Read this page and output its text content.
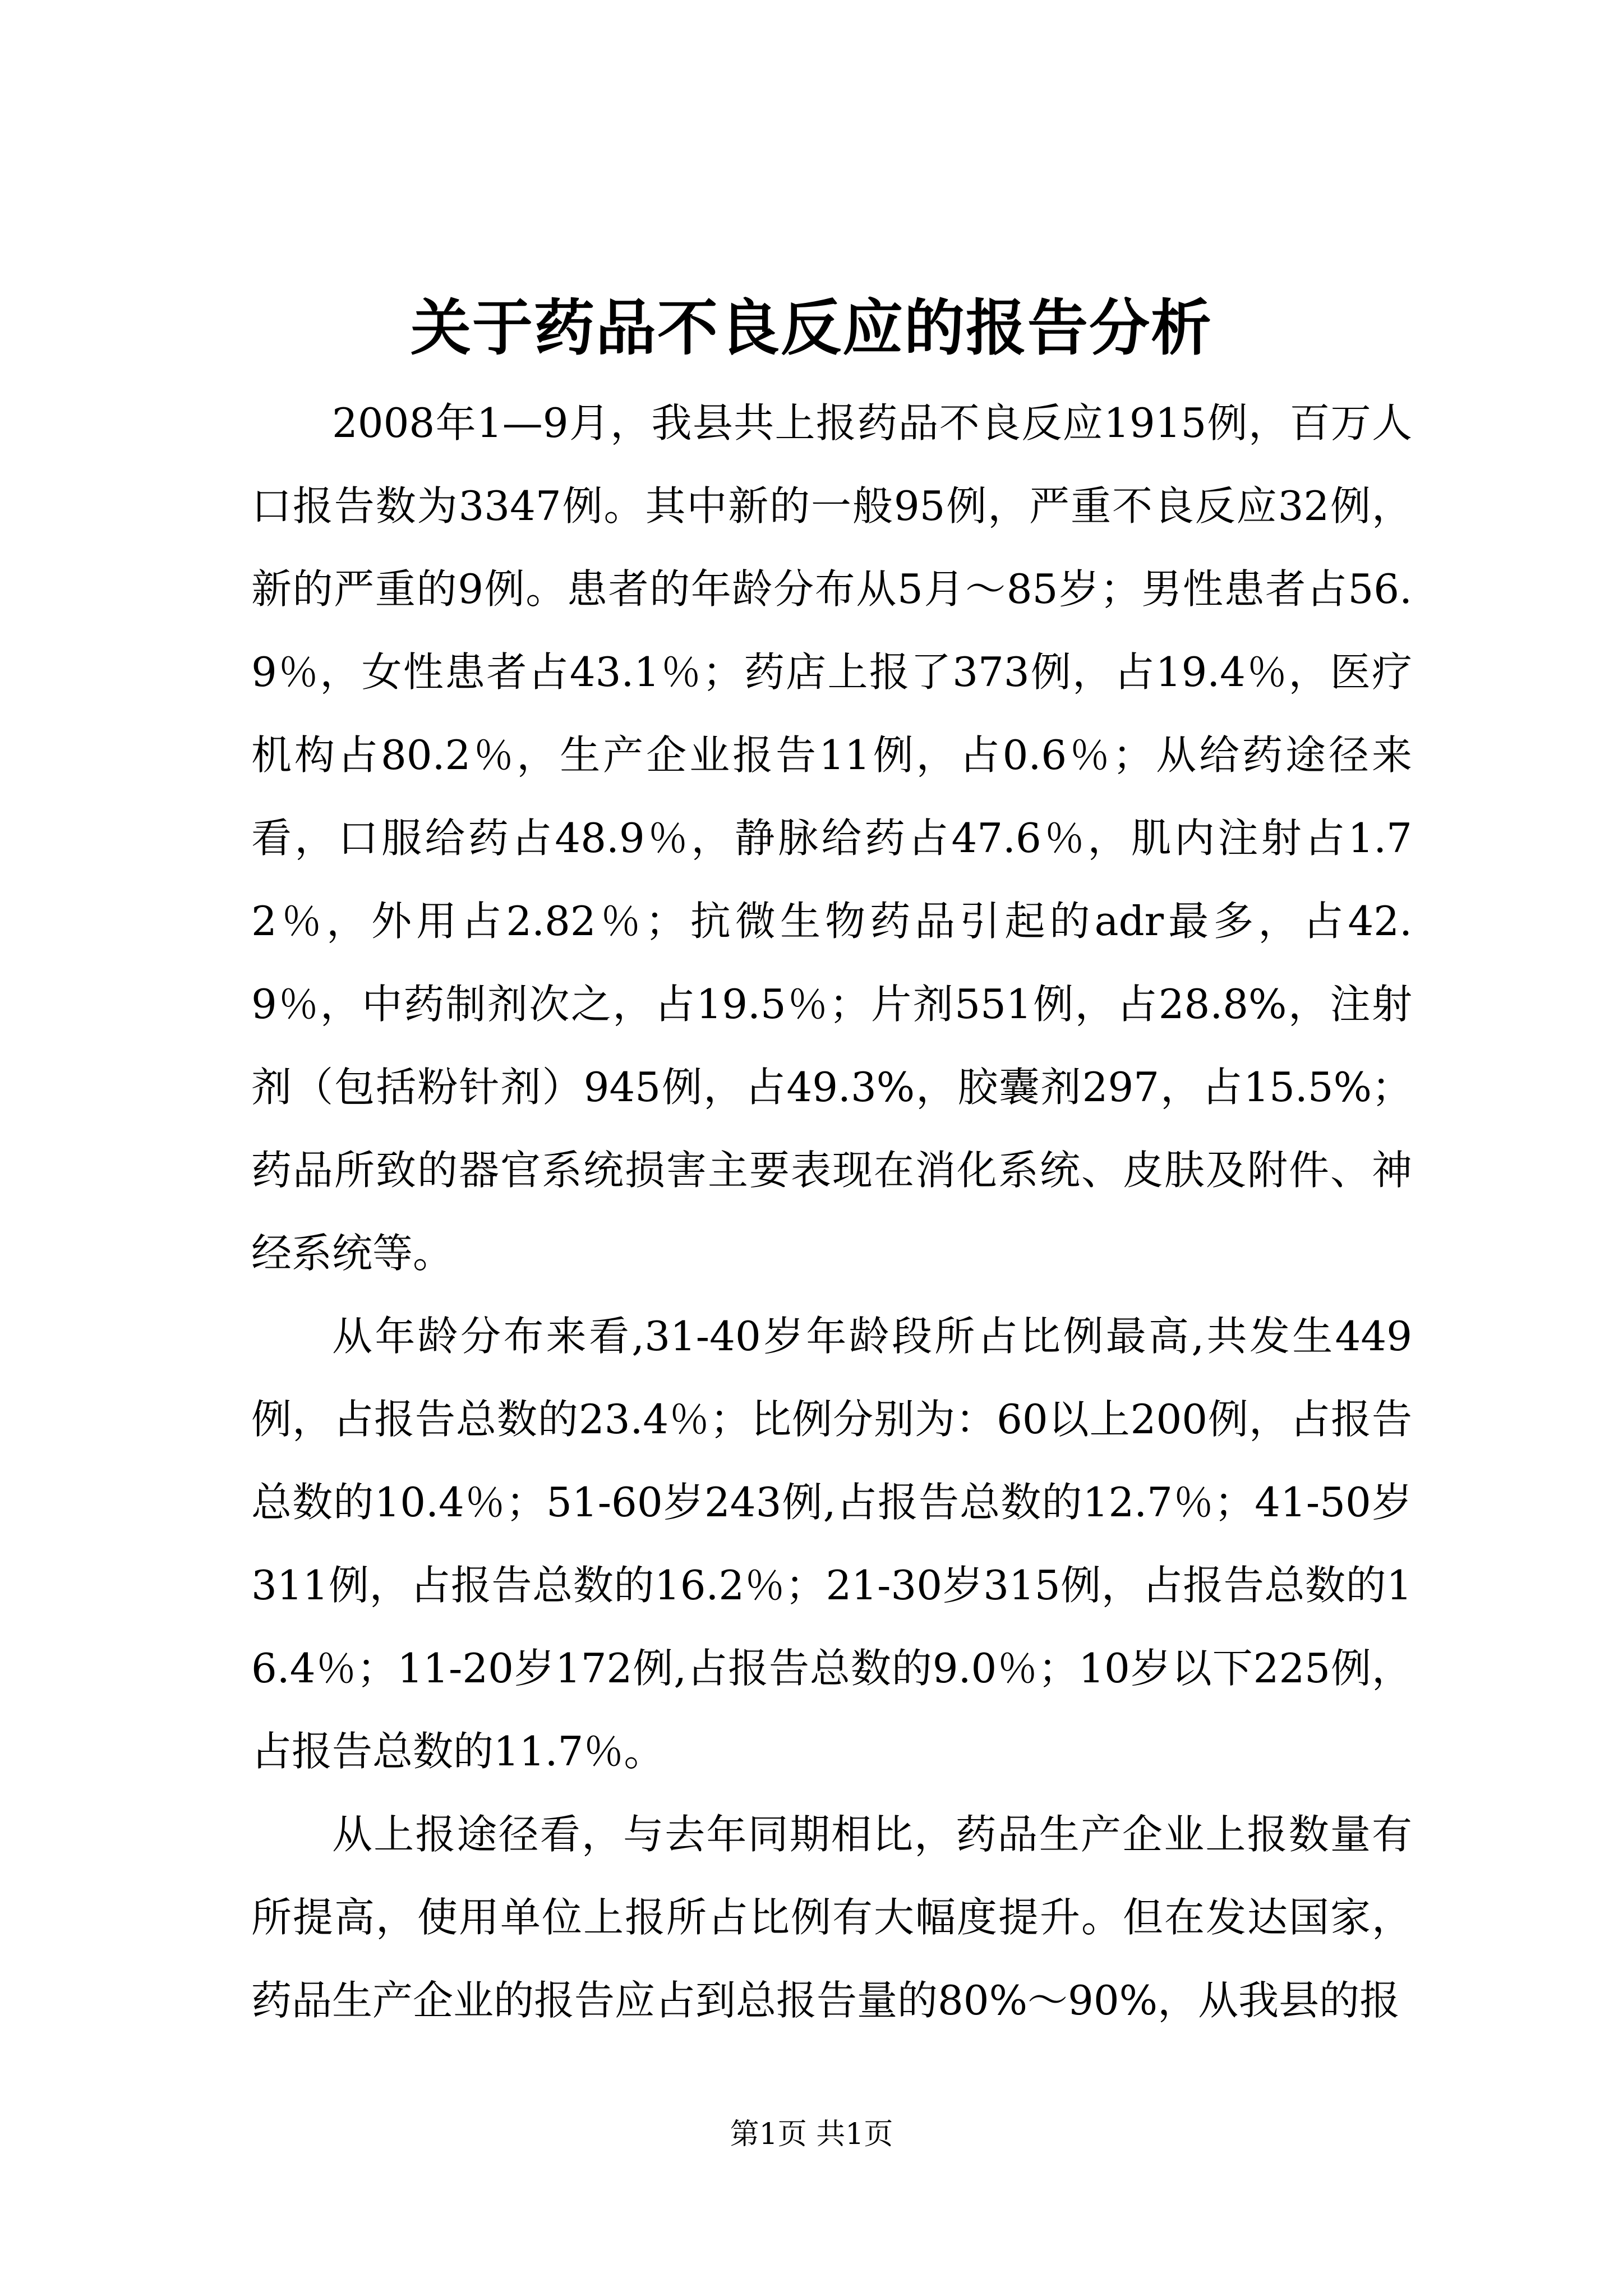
关于药品不良反应的报告分析

2008年1—9月，我县共上报药品不良反应1915例，百万人口报告数为3347例。其中新的一般95例，严重不良反应32例，新的严重的9例。患者的年龄分布从5月～85岁；男性患者占56.9％，女性患者占43.1％；药店上报了373例，占19.4％，医疗机构占80.2％，生产企业报告11例，占0.6％；从给药途径来看，口服给药占48.9％，静脉给药占47.6％，肌内注射占1.72％，外用占2.82％；抗微生物药品引起的adr最多，占42.9％，中药制剂次之，占19.5％；片剂551例，占28.8%，注射剂（包括粉针剂）945例，占49.3%，胶囊剂297，占15.5%；药品所致的器官系统损害主要表现在消化系统、皮肤及附件、神经系统等。

从年龄分布来看,31-40岁年龄段所占比例最高,共发生449例，占报告总数的23.4％；比例分别为：60以上200例，占报告总数的10.4％；51-60岁243例,占报告总数的12.7％；41-50岁311例，占报告总数的16.2％；21-30岁315例，占报告总数的16.4％；11-20岁172例,占报告总数的9.0％；10岁以下225例，占报告总数的11.7％。

从上报途径看，与去年同期相比，药品生产企业上报数量有所提高，使用单位上报所占比例有大幅度提升。但在发达国家，药品生产企业的报告应占到总报告量的80%～90%，从我县的报

第1页 共1页
